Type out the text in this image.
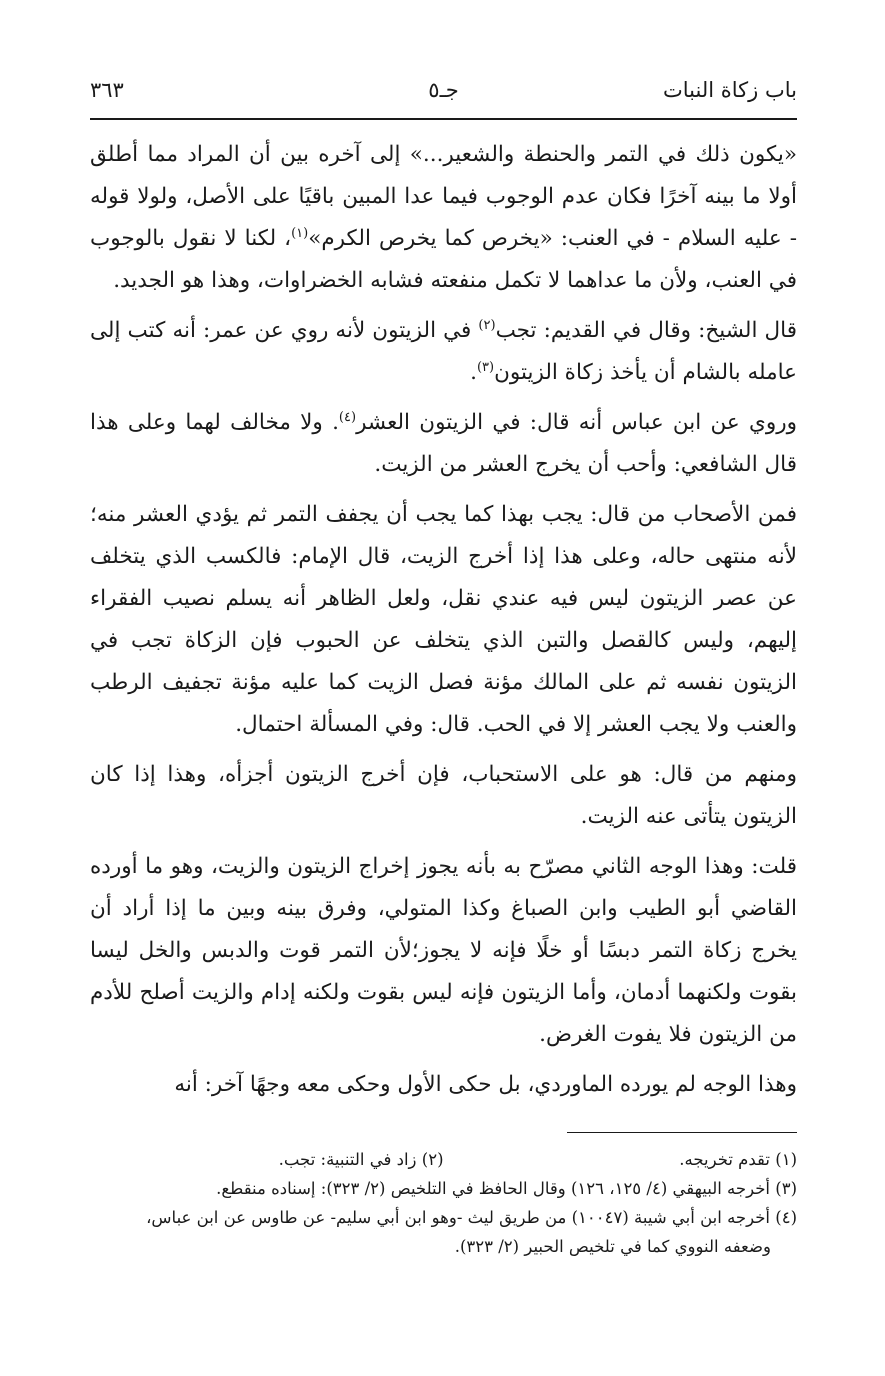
باب زكاة النبات
جـ٥
٣٦٣

«يكون ذلك في التمر والحنطة والشعير...» إلى آخره بين أن المراد مما أطلق أولا ما بينه آخرًا فكان عدم الوجوب فيما عدا المبين باقيًا على الأصل، ولولا قوله - عليه السلام - في العنب: «يخرص كما يخرص الكرم»$^{(١)}$، لكنا لا نقول بالوجوب في العنب، ولأن ما عداهما لا تكمل منفعته فشابه الخضراوات، وهذا هو الجديد.

قال الشيخ: وقال في القديم: تجب$^{(٢)}$ في الزيتون لأنه روي عن عمر: أنه كتب إلى عامله بالشام أن يأخذ زكاة الزيتون$^{(٣)}$.

وروي عن ابن عباس أنه قال: في الزيتون العشر$^{(٤)}$. ولا مخالف لهما وعلى هذا قال الشافعي: وأحب أن يخرج العشر من الزيت.

فمن الأصحاب من قال: يجب بهذا كما يجب أن يجفف التمر ثم يؤدي العشر منه؛لأنه منتهى حاله، وعلى هذا إذا أخرج الزيت، قال الإمام: فالكسب الذي يتخلف عن عصر الزيتون ليس فيه عندي نقل، ولعل الظاهر أنه يسلم نصيب الفقراء إليهم، وليس كالقصل والتبن الذي يتخلف عن الحبوب فإن الزكاة تجب في الزيتون نفسه ثم على المالك مؤنة فصل الزيت كما عليه مؤنة تجفيف الرطب والعنب ولا يجب العشر إلا في الحب. قال: وفي المسألة احتمال.

ومنهم من قال: هو على الاستحباب، فإن أخرج الزيتون أجزأه، وهذا إذا كان الزيتون يتأتى عنه الزيت.

قلت: وهذا الوجه الثاني مصرّح به بأنه يجوز إخراج الزيتون والزيت، وهو ما أورده القاضي أبو الطيب وابن الصباغ وكذا المتولي، وفرق بينه وبين ما إذا أراد أن يخرج زكاة التمر دبسًا أو خلًا فإنه لا يجوز؛لأن التمر قوت والدبس والخل ليسا بقوت ولكنهما أدمان، وأما الزيتون فإنه ليس بقوت ولكنه إدام والزيت أصلح للأدم من الزيتون فلا يفوت الغرض.

وهذا الوجه لم يورده الماوردي، بل حكى الأول وحكى معه وجهًا آخر: أنه

(١) تقدم تخريجه.
(٢) زاد في التنبية: تجب.

(٣) أخرجه البيهقي (٤/ ١٢٥، ١٢٦) وقال الحافظ في التلخيص (٢/ ٣٢٣): إسناده منقطع.

(٤) أخرجه ابن أبي شيبة (١٠٠٤٧) من طريق ليث -وهو ابن أبي سليم- عن طاوس عن ابن عباس،

وضعفه النووي كما في تلخيص الحبير (٢/ ٣٢٣).
